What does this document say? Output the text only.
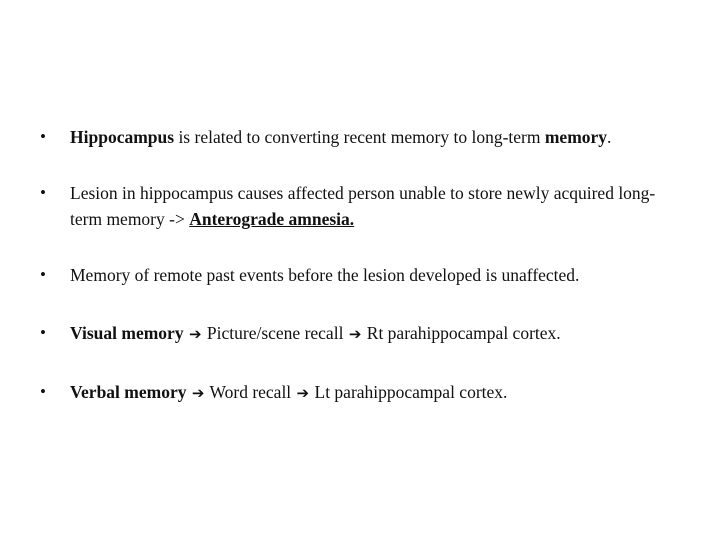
• Hippocampus is related to converting recent memory to long-term memory.
• Lesion in hippocampus causes affected person unable to store newly acquired long-term memory -> Anterograde amnesia.
• Memory of remote past events before the lesion developed is unaffected.
• Visual memory ➔ Picture/scene recall ➔ Rt parahippocampal cortex.
• Verbal memory ➔ Word recall ➔ Lt parahippocampal cortex.
